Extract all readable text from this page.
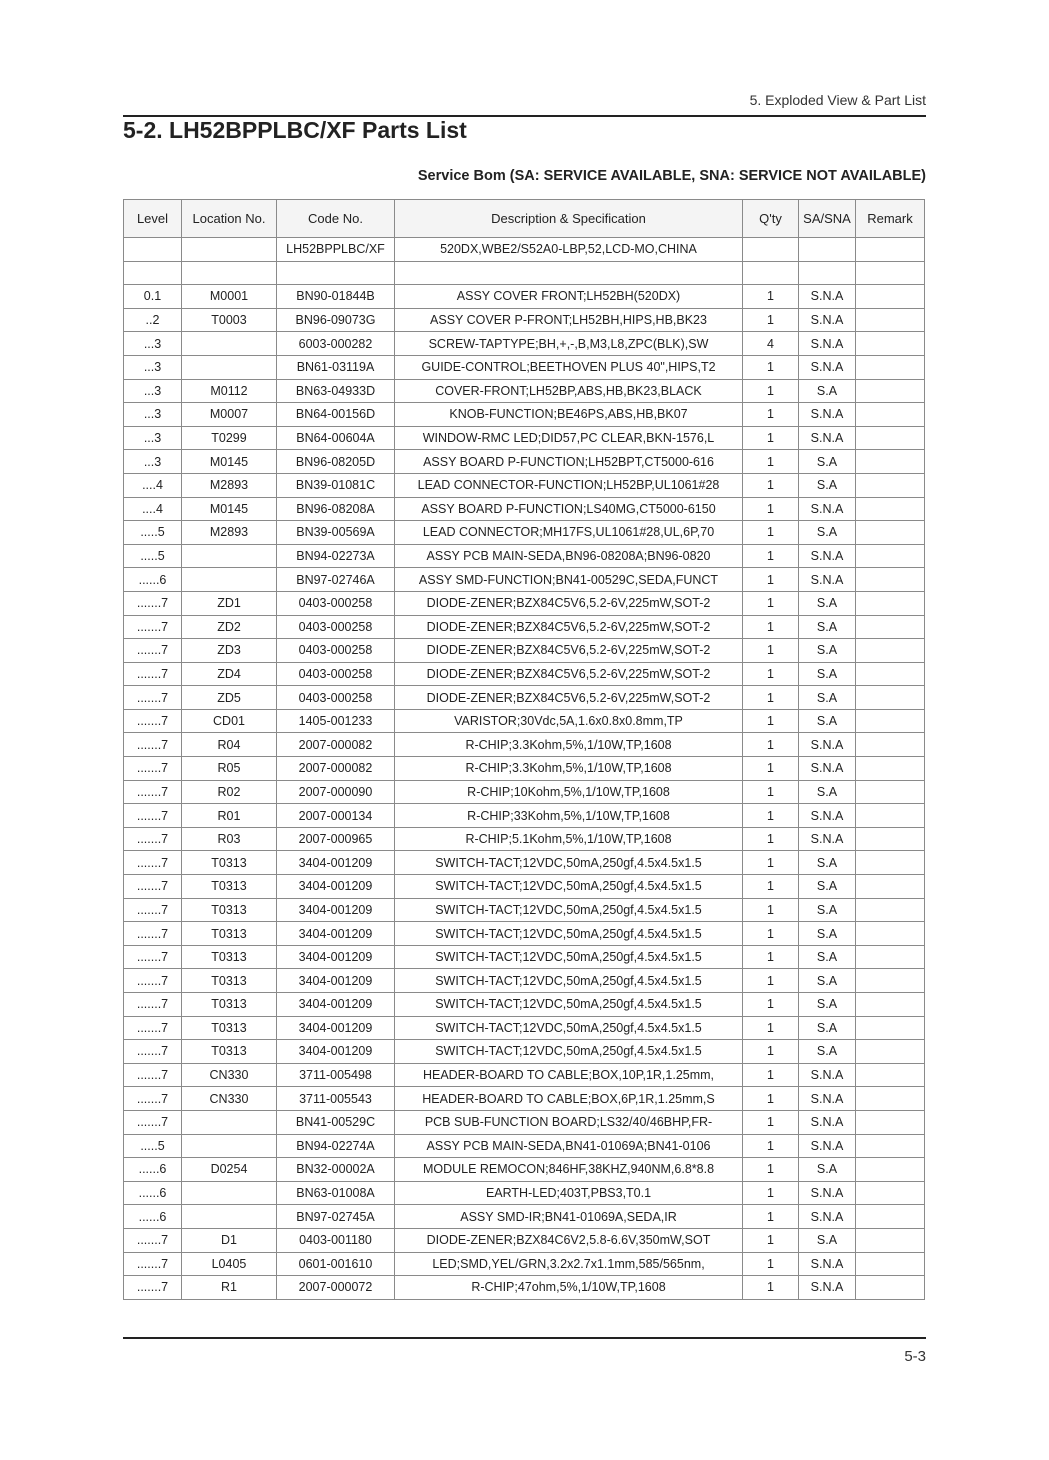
5. Exploded View & Part List
5-2. LH52BPPLBC/XF Parts List
Service Bom (SA: SERVICE AVAILABLE, SNA: SERVICE NOT AVAILABLE)
Level	Location No.	Code No.	Description & Specification	Q'ty	SA/SNA	Remark
		LH52BPPLBC/XF	520DX,WBE2/S52A0-LBP,52,LCD-MO,CHINA			

0.1	M0001	BN90-01844B	ASSY COVER FRONT;LH52BH(520DX)	1	S.N.A	
..2	T0003	BN96-09073G	ASSY COVER P-FRONT;LH52BH,HIPS,HB,BK23	1	S.N.A	
...3		6003-000282	SCREW-TAPTYPE;BH,+,-,B,M3,L8,ZPC(BLK),SW	4	S.N.A	
...3		BN61-03119A	GUIDE-CONTROL;BEETHOVEN PLUS 40",HIPS,T2	1	S.N.A	
...3	M0112	BN63-04933D	COVER-FRONT;LH52BP,ABS,HB,BK23,BLACK	1	S.A	
...3	M0007	BN64-00156D	KNOB-FUNCTION;BE46PS,ABS,HB,BK07	1	S.N.A	
...3	T0299	BN64-00604A	WINDOW-RMC LED;DID57,PC CLEAR,BKN-1576,L	1	S.N.A	
...3	M0145	BN96-08205D	ASSY BOARD P-FUNCTION;LH52BPT,CT5000-616	1	S.A	
....4	M2893	BN39-01081C	LEAD CONNECTOR-FUNCTION;LH52BP,UL1061#28	1	S.A	
....4	M0145	BN96-08208A	ASSY BOARD P-FUNCTION;LS40MG,CT5000-6150	1	S.N.A	
.....5	M2893	BN39-00569A	LEAD CONNECTOR;MH17FS,UL1061#28,UL,6P,70	1	S.A	
.....5		BN94-02273A	ASSY PCB MAIN-SEDA,BN96-08208A;BN96-0820	1	S.N.A	
......6		BN97-02746A	ASSY SMD-FUNCTION;BN41-00529C,SEDA,FUNCT	1	S.N.A	
.......7	ZD1	0403-000258	DIODE-ZENER;BZX84C5V6,5.2-6V,225mW,SOT-2	1	S.A	
.......7	ZD2	0403-000258	DIODE-ZENER;BZX84C5V6,5.2-6V,225mW,SOT-2	1	S.A	
.......7	ZD3	0403-000258	DIODE-ZENER;BZX84C5V6,5.2-6V,225mW,SOT-2	1	S.A	
.......7	ZD4	0403-000258	DIODE-ZENER;BZX84C5V6,5.2-6V,225mW,SOT-2	1	S.A	
.......7	ZD5	0403-000258	DIODE-ZENER;BZX84C5V6,5.2-6V,225mW,SOT-2	1	S.A	
.......7	CD01	1405-001233	VARISTOR;30Vdc,5A,1.6x0.8x0.8mm,TP	1	S.A	
.......7	R04	2007-000082	R-CHIP;3.3Kohm,5%,1/10W,TP,1608	1	S.N.A	
.......7	R05	2007-000082	R-CHIP;3.3Kohm,5%,1/10W,TP,1608	1	S.N.A	
.......7	R02	2007-000090	R-CHIP;10Kohm,5%,1/10W,TP,1608	1	S.A	
.......7	R01	2007-000134	R-CHIP;33Kohm,5%,1/10W,TP,1608	1	S.N.A	
.......7	R03	2007-000965	R-CHIP;5.1Kohm,5%,1/10W,TP,1608	1	S.N.A	
.......7	T0313	3404-001209	SWITCH-TACT;12VDC,50mA,250gf,4.5x4.5x1.5	1	S.A	
.......7	T0313	3404-001209	SWITCH-TACT;12VDC,50mA,250gf,4.5x4.5x1.5	1	S.A	
.......7	T0313	3404-001209	SWITCH-TACT;12VDC,50mA,250gf,4.5x4.5x1.5	1	S.A	
.......7	T0313	3404-001209	SWITCH-TACT;12VDC,50mA,250gf,4.5x4.5x1.5	1	S.A	
.......7	T0313	3404-001209	SWITCH-TACT;12VDC,50mA,250gf,4.5x4.5x1.5	1	S.A	
.......7	T0313	3404-001209	SWITCH-TACT;12VDC,50mA,250gf,4.5x4.5x1.5	1	S.A	
.......7	T0313	3404-001209	SWITCH-TACT;12VDC,50mA,250gf,4.5x4.5x1.5	1	S.A	
.......7	T0313	3404-001209	SWITCH-TACT;12VDC,50mA,250gf,4.5x4.5x1.5	1	S.A	
.......7	T0313	3404-001209	SWITCH-TACT;12VDC,50mA,250gf,4.5x4.5x1.5	1	S.A	
.......7	CN330	3711-005498	HEADER-BOARD TO CABLE;BOX,10P,1R,1.25mm,	1	S.N.A	
.......7	CN330	3711-005543	HEADER-BOARD TO CABLE;BOX,6P,1R,1.25mm,S	1	S.N.A	
.......7		BN41-00529C	PCB SUB-FUNCTION BOARD;LS32/40/46BHP,FR-	1	S.N.A	
.....5		BN94-02274A	ASSY PCB MAIN-SEDA,BN41-01069A;BN41-0106	1	S.N.A	
......6	D0254	BN32-00002A	MODULE REMOCON;846HF,38KHZ,940NM,6.8*8.8	1	S.A	
......6		BN63-01008A	EARTH-LED;403T,PBS3,T0.1	1	S.N.A	
......6		BN97-02745A	ASSY SMD-IR;BN41-01069A,SEDA,IR	1	S.N.A	
.......7	D1	0403-001180	DIODE-ZENER;BZX84C6V2,5.8-6.6V,350mW,SOT	1	S.A	
.......7	L0405	0601-001610	LED;SMD,YEL/GRN,3.2x2.7x1.1mm,585/565nm,	1	S.N.A	
.......7	R1	2007-000072	R-CHIP;47ohm,5%,1/10W,TP,1608	1	S.N.A	
5-3
